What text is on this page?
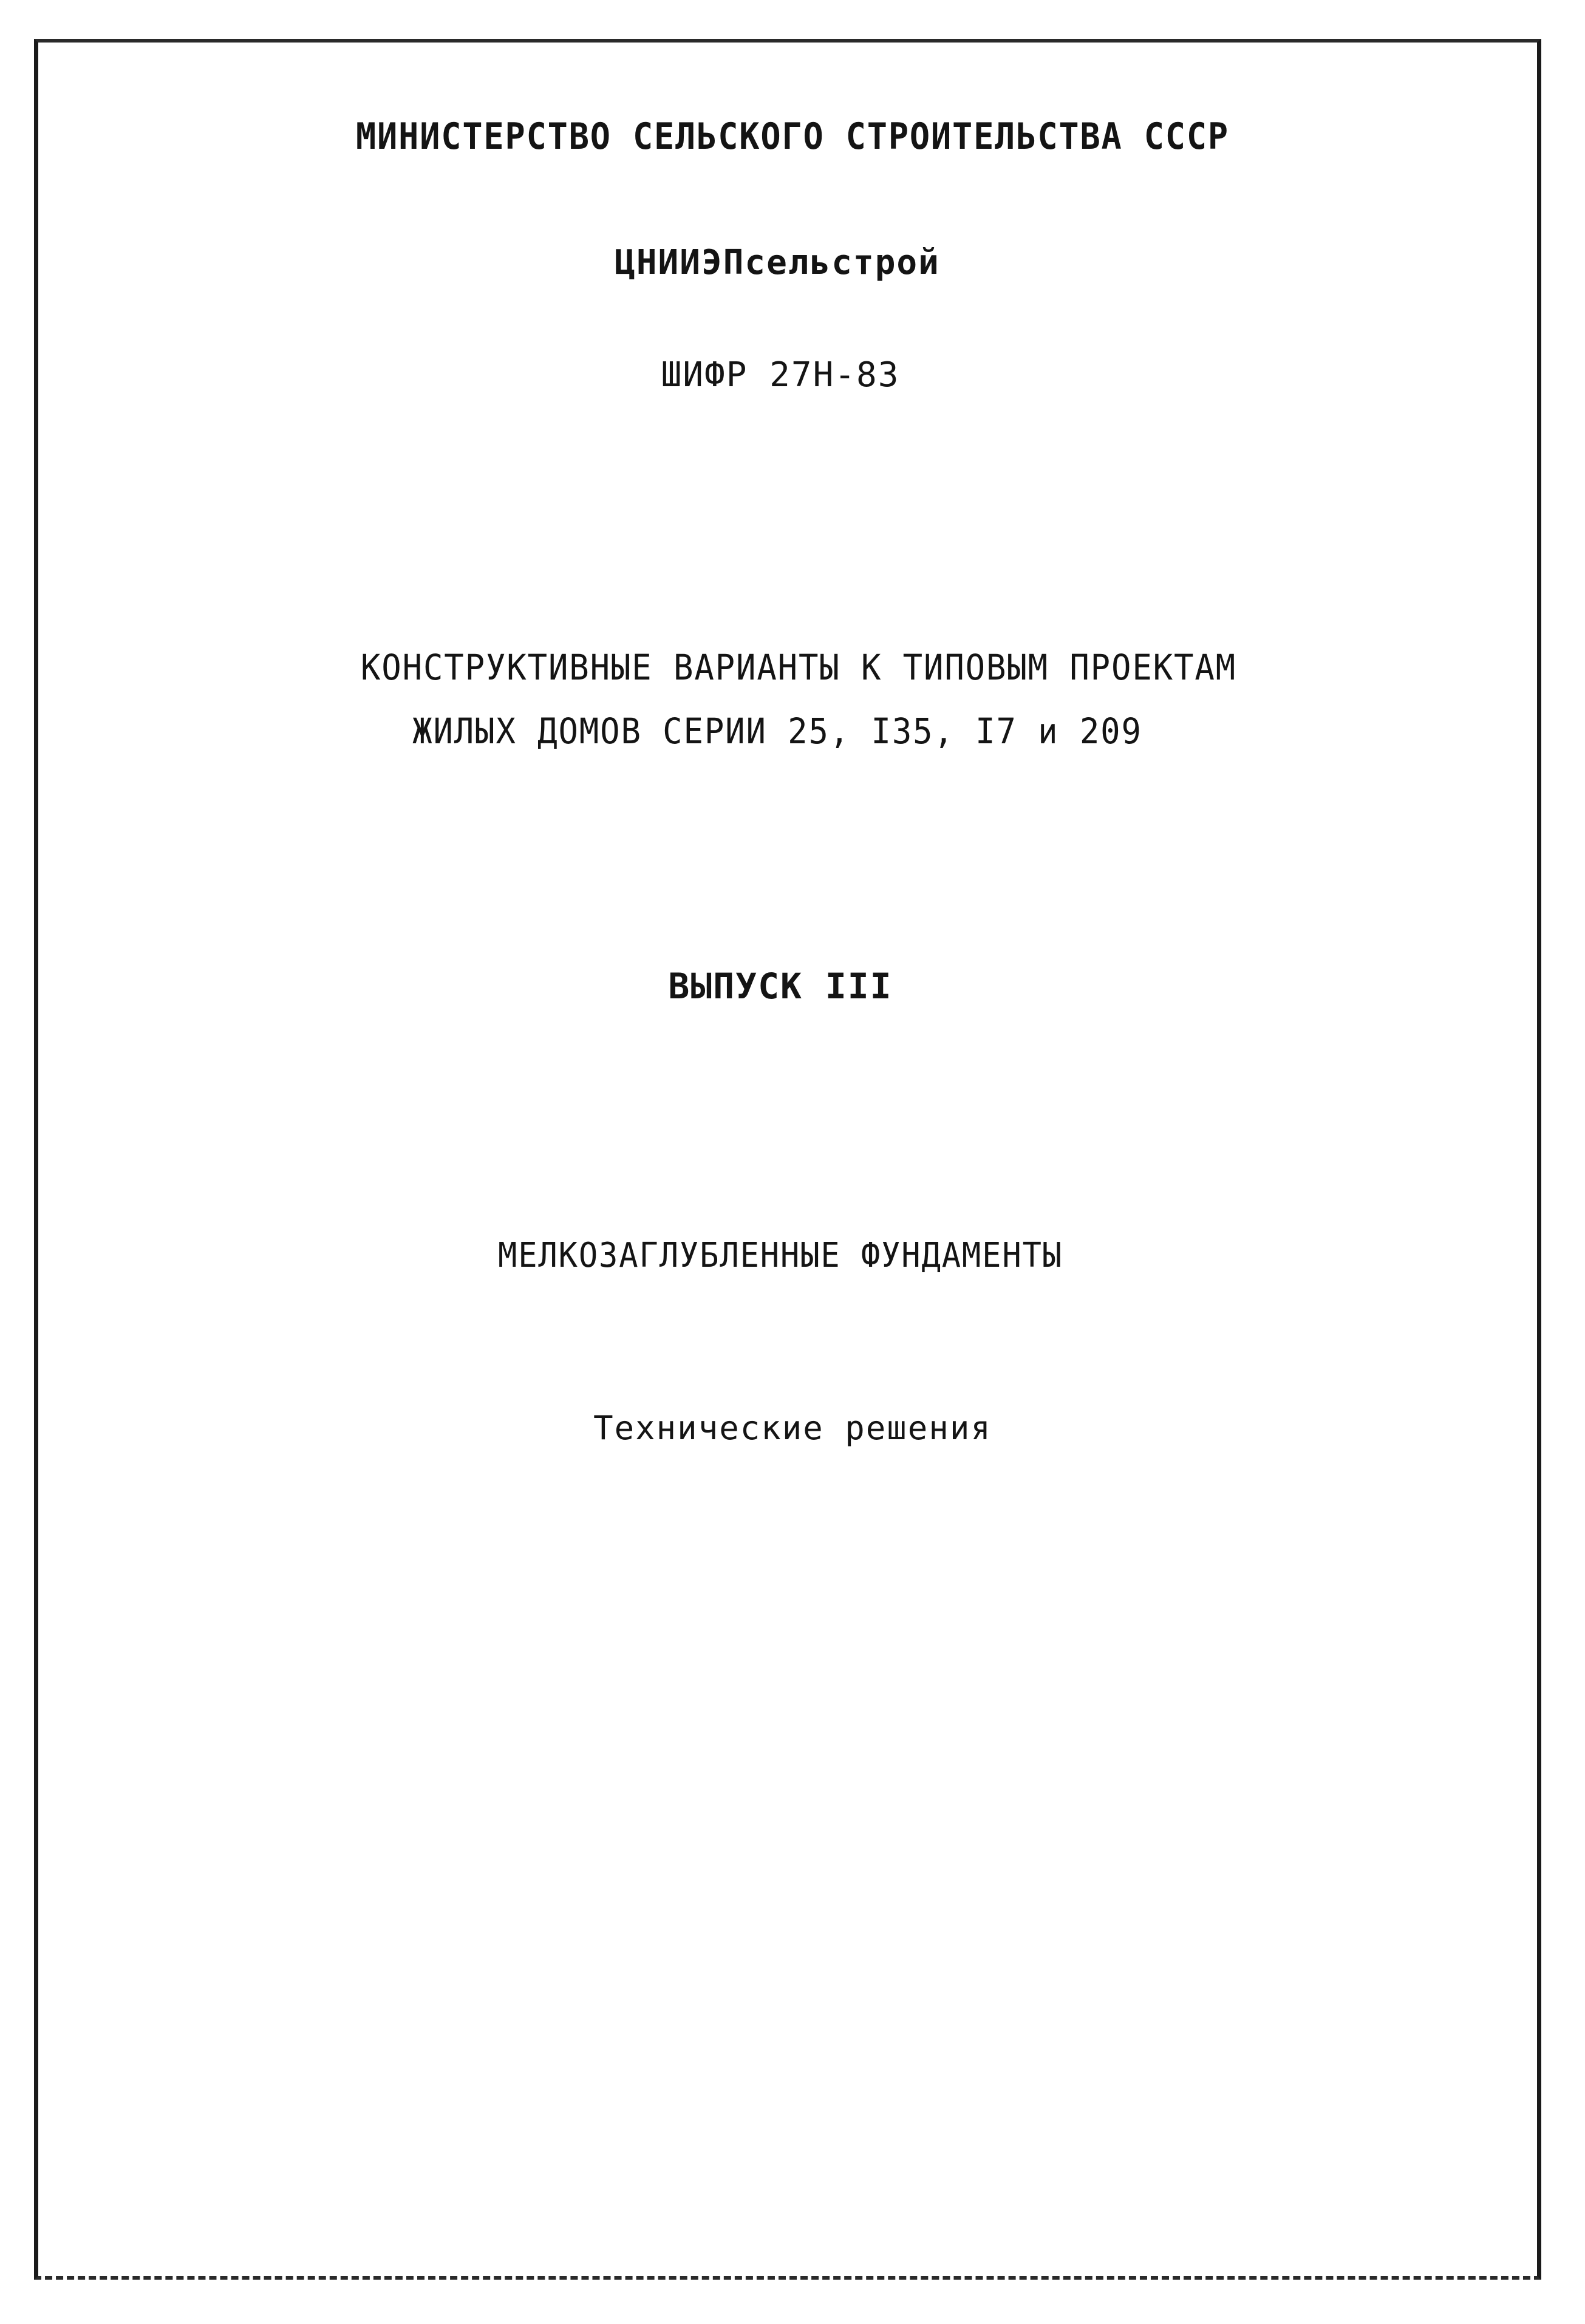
МИНИСТЕРСТВО СЕЛЬСКОГО СТРОИТЕЛЬСТВА СССР
ЦНИИЭПсельстрой
ШИФР 27Н-83
КОНСТРУКТИВНЫЕ ВАРИАНТЫ К ТИПОВЫМ ПРОЕКТАМ
ЖИЛЫХ ДОМОВ СЕРИИ 25, I35, I7 и 209
ВЫПУСК III
МЕЛКОЗАГЛУБЛЕННЫЕ ФУНДАМЕНТЫ
Технические решения
